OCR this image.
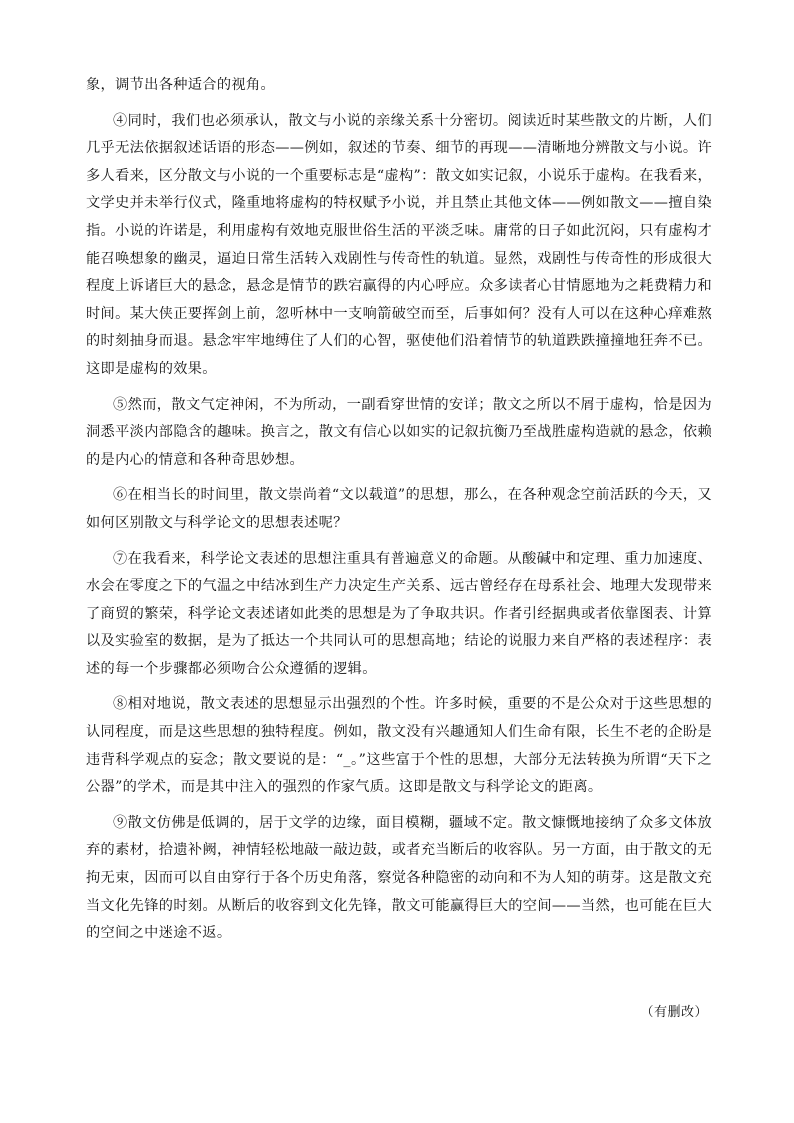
象，调节出各种适合的视角。

④同时，我们也必须承认，散文与小说的亲缘关系十分密切。阅读近时某些散文的片断，人们几乎无法依据叙述话语的形态——例如，叙述的节奏、细节的再现——清晰地分辨散文与小说。许多人看来，区分散文与小说的一个重要标志是“虚构”：散文如实记叙，小说乐于虚构。在我看来，文学史并未举行仪式，隆重地将虚构的特权赋予小说，并且禁止其他文体——例如散文——擅自染指。小说的许诺是，利用虚构有效地克服世俗生活的平淡乏味。庸常的日子如此沉闷，只有虚构才能召唤想象的幽灵，逼迫日常生活转入戏剧性与传奇性的轨道。显然，戏剧性与传奇性的形成很大程度上诉诸巨大的悬念，悬念是情节的跌宕赢得的内心呼应。众多读者心甘情愿地为之耗费精力和时间。某大侠正要挥剑上前，忽听林中一支响箭破空而至，后事如何？没有人可以在这种心痒难熬的时刻抽身而退。悬念牢牢地缚住了人们的心智，驱使他们沿着情节的轨道跌跌撞撞地狂奔不已。这即是虚构的效果。

⑤然而，散文气定神闲，不为所动，一副看穿世情的安详；散文之所以不屑于虚构，恰是因为洞悉平淡内部隐含的趣味。换言之，散文有信心以如实的记叙抗衡乃至战胜虚构造就的悬念，依赖的是内心的情意和各种奇思妙想。

⑥在相当长的时间里，散文崇尚着“文以载道”的思想，那么，在各种观念空前活跃的今天，又如何区别散文与科学论文的思想表述呢？

⑦在我看来，科学论文表述的思想注重具有普遍意义的命题。从酸碱中和定理、重力加速度、水会在零度之下的气温之中结冰到生产力决定生产关系、远古曾经存在母系社会、地理大发现带来了商贸的繁荣，科学论文表述诸如此类的思想是为了争取共识。作者引经据典或者依靠图表、计算以及实验室的数据，是为了抵达一个共同认可的思想高地；结论的说服力来自严格的表述程序：表述的每一个步骤都必须吻合公众遵循的逻辑。

⑧相对地说，散文表述的思想显示出强烈的个性。许多时候，重要的不是公众对于这些思想的认同程度，而是这些思想的独特程度。例如，散文没有兴趣通知人们生命有限，长生不老的企盼是违背科学观点的妄念；散文要说的是：“_。”这些富于个性的思想，大部分无法转换为所谓“天下之公器”的学术，而是其中注入的强烈的作家气质。这即是散文与科学论文的距离。

⑨散文仿佛是低调的，居于文学的边缘，面目模糊，疆域不定。散文慷慨地接纳了众多文体放弃的素材，拾遗补阙，神情轻松地敲一敲边鼓，或者充当断后的收容队。另一方面，由于散文的无拘无束，因而可以自由穿行于各个历史角落，察觉各种隐密的动向和不为人知的萌芽。这是散文充当文化先锋的时刻。从断后的收容到文化先锋，散文可能赢得巨大的空间——当然，也可能在巨大的空间之中迷途不返。

（有删改）
